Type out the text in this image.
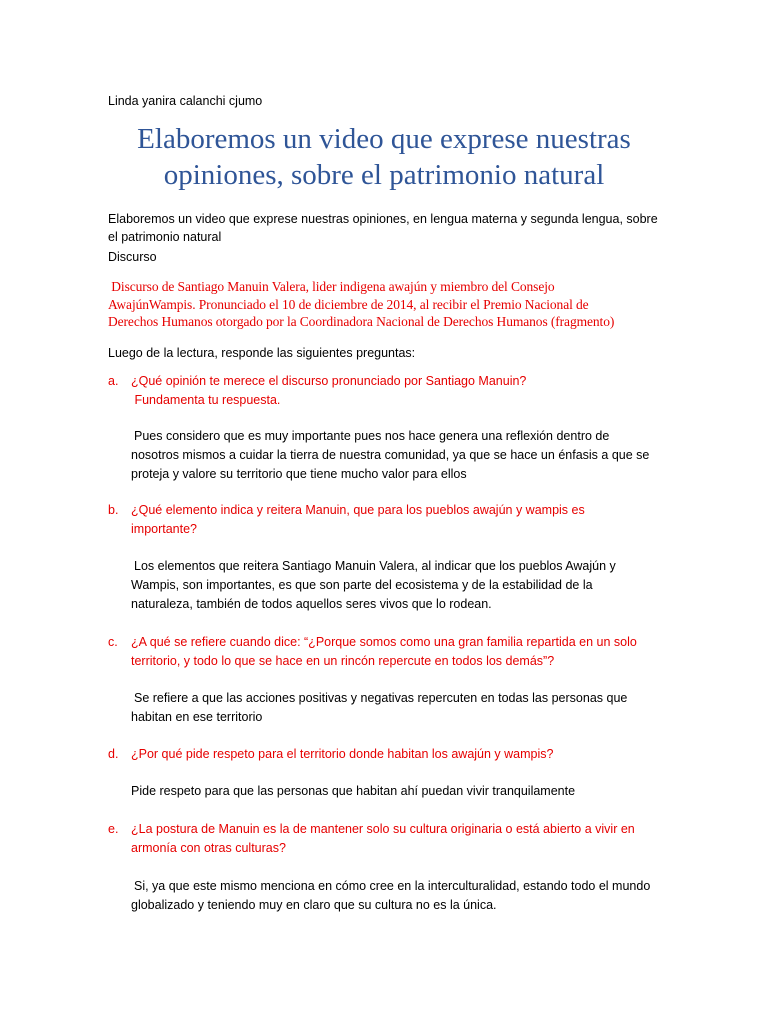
Linda yanira calanchi cjumo
Elaboremos un video que exprese nuestras
opiniones, sobre el patrimonio natural
Elaboremos un video que exprese nuestras opiniones, en lengua materna y segunda lengua, sobre
el patrimonio natural
Discurso
Discurso de Santiago Manuin Valera, lider indigena awajún y miembro del Consejo
AwajúnWampis. Pronunciado el 10 de diciembre de 2014, al recibir el Premio Nacional de
Derechos Humanos otorgado por la Coordinadora Nacional de Derechos Humanos (fragmento)
Luego de la lectura, responde las siguientes preguntas:
a. ¿Qué opinión te merece el discurso pronunciado por Santiago Manuin?
Fundamenta tu respuesta.
Pues considero que es muy importante pues nos hace genera una reflexión dentro de
nosotros mismos a cuidar la tierra de nuestra comunidad, ya que se hace un énfasis a que se
proteja y valore su territorio que tiene mucho valor para ellos
b. ¿Qué elemento indica y reitera Manuin, que para los pueblos awajún y wampis es
importante?
Los elementos que reitera Santiago Manuin Valera, al indicar que los pueblos Awajún y
Wampis, son importantes, es que son parte del ecosistema y de la estabilidad de la
naturaleza, también de todos aquellos seres vivos que lo rodean.
c. ¿A qué se refiere cuando dice: “¿Porque somos como una gran familia repartida en un solo
territorio, y todo lo que se hace en un rincón repercute en todos los demás”?
Se refiere a que las acciones positivas y negativas repercuten en todas las personas que
habitan en ese territorio
d. ¿Por qué pide respeto para el territorio donde habitan los awajún y wampis?
Pide respeto para que las personas que habitan ahí puedan vivir tranquilamente
e. ¿La postura de Manuin es la de mantener solo su cultura originaria o está abierto a vivir en
armonía con otras culturas?
Si, ya que este mismo menciona en cómo cree en la interculturalidad, estando todo el mundo
globalizado y teniendo muy en claro que su cultura no es la única.
